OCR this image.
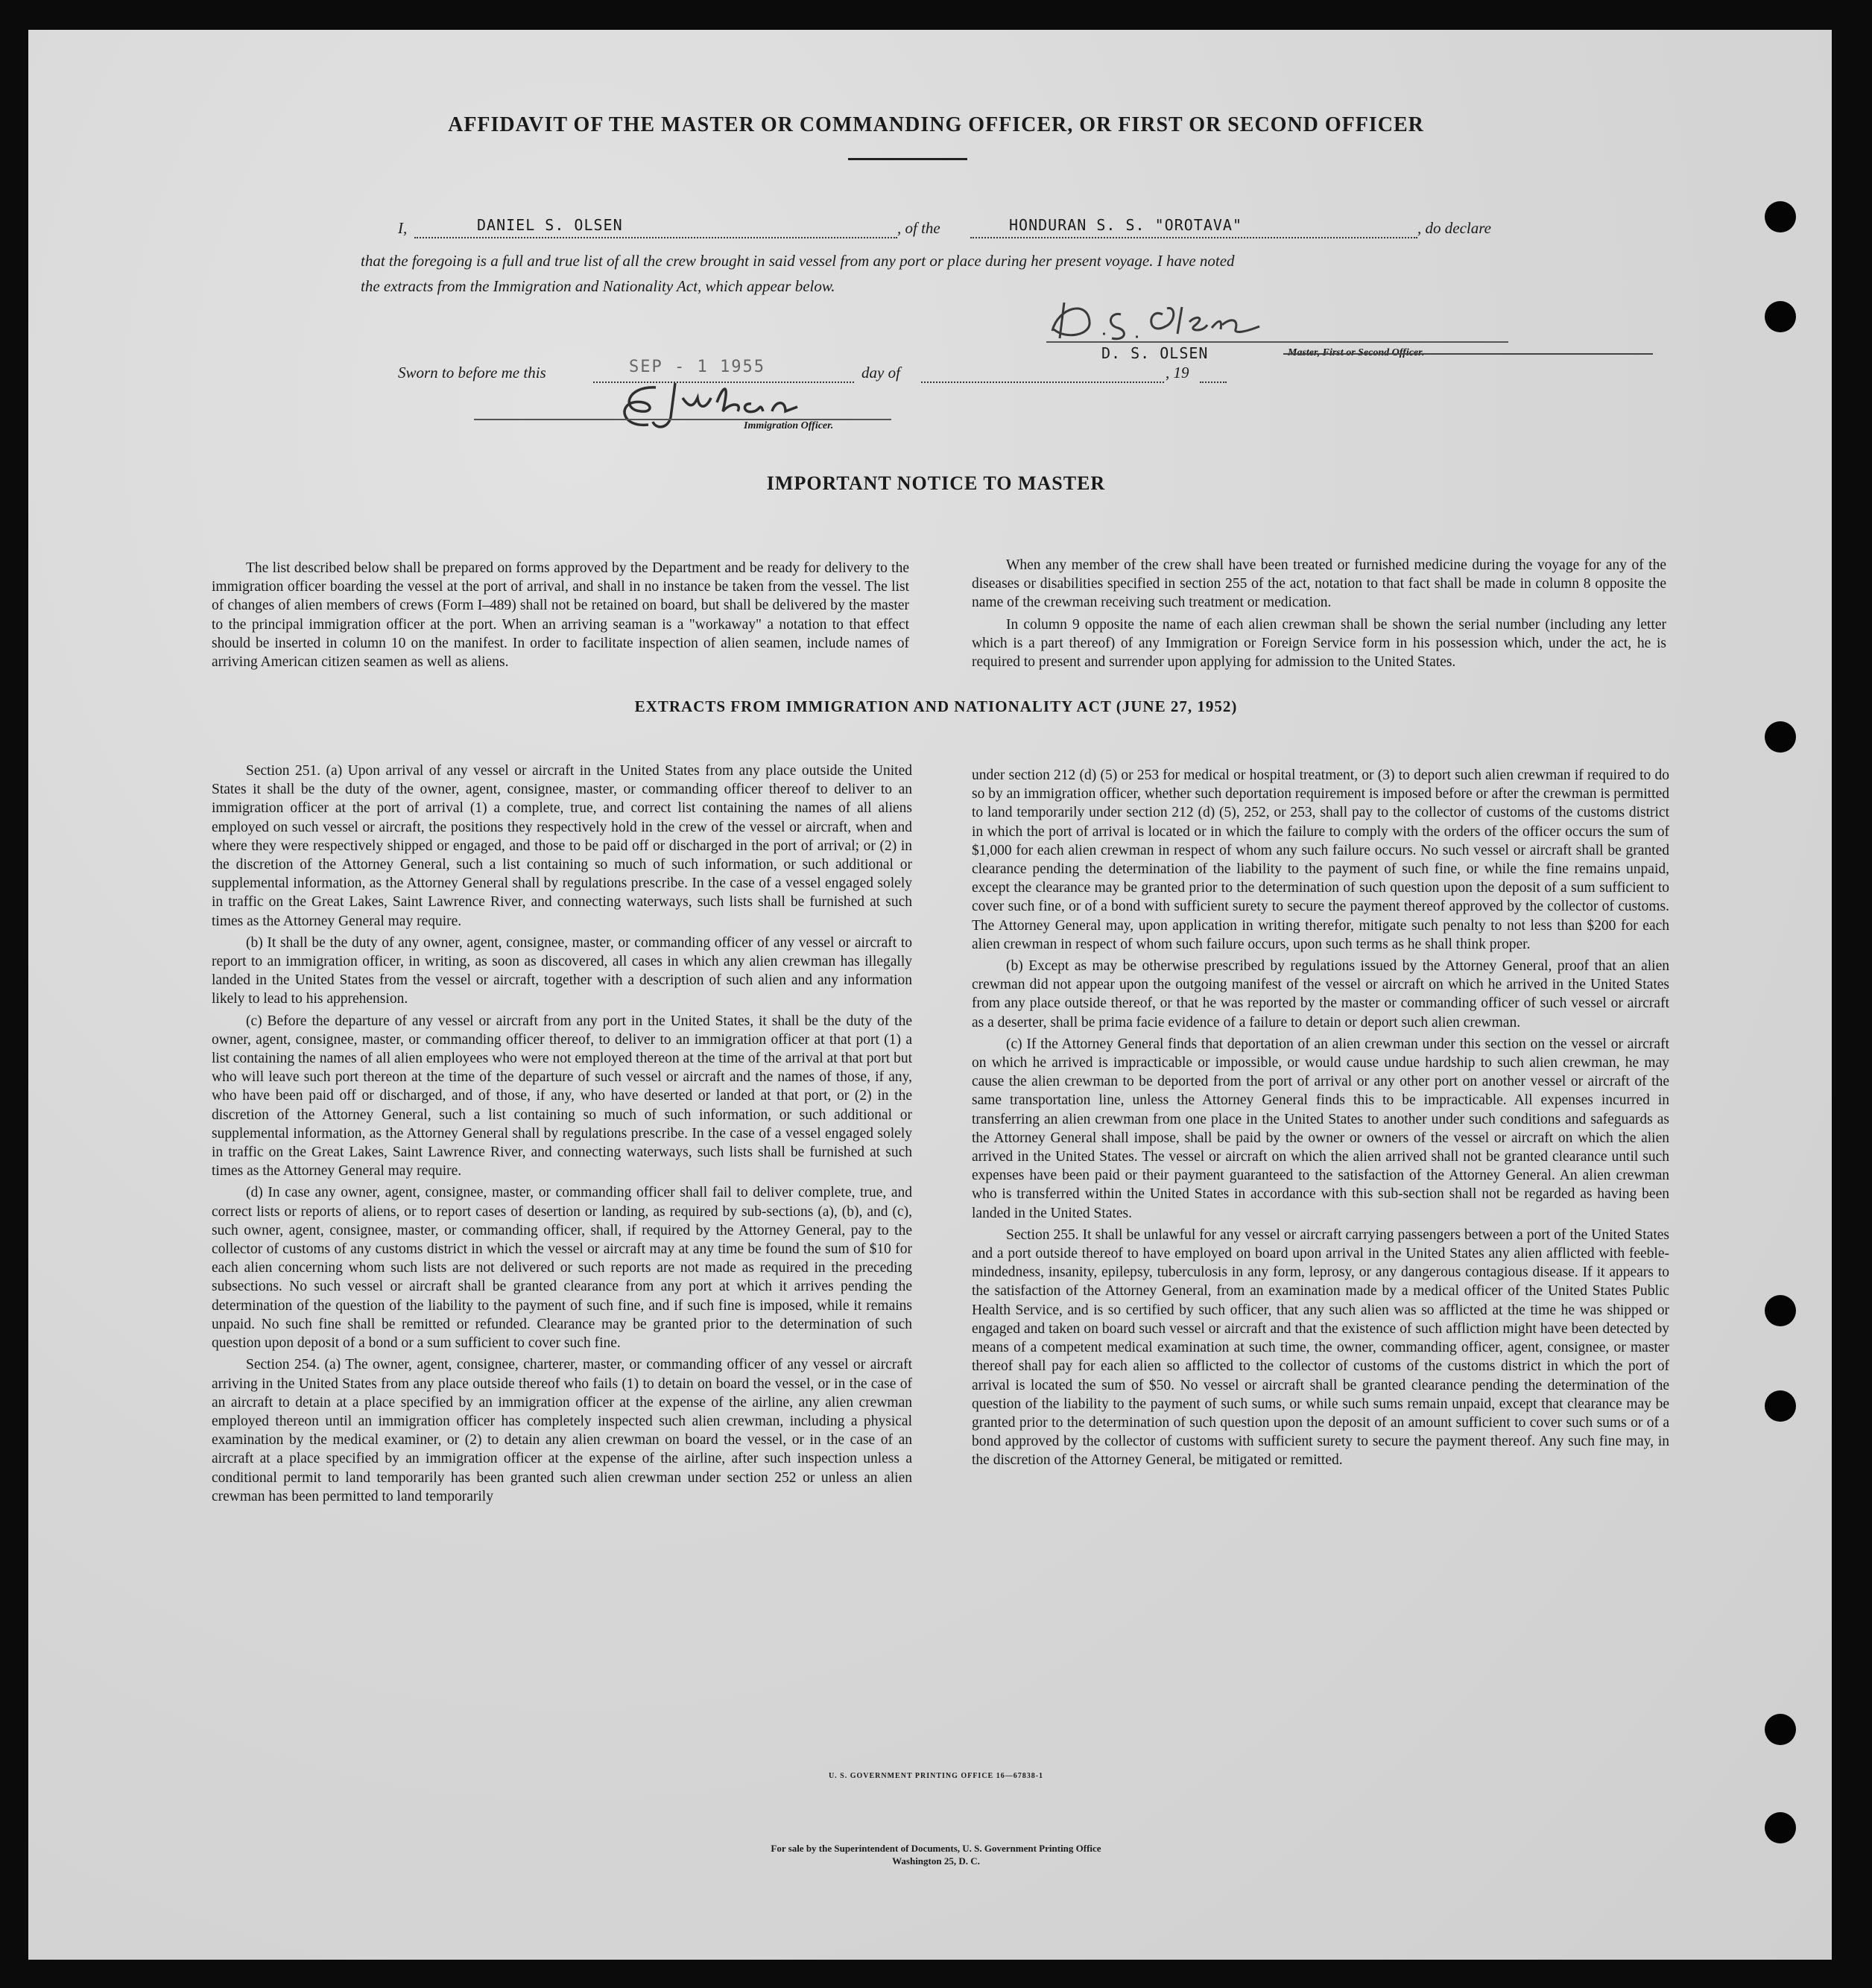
AFFIDAVIT OF THE MASTER OR COMMANDING OFFICER, OR FIRST OR SECOND OFFICER
I,	DANIEL S. OLSEN	, of the	HONDURAN S. S. "OROTAVA"	, do declare
that the foregoing is a full and true list of all the crew brought in said vessel from any port or place during her present voyage. I have noted
the extracts from the Immigration and Nationality Act, which appear below.
D. S. OLSEN	Master, First or Second Officer.
Sworn to before me this	SEP - 1 1955	day of	, 19
Immigration Officer.
IMPORTANT NOTICE TO MASTER

The list described below shall be prepared on forms approved by the Department and be ready for delivery to the immigration officer boarding the vessel at the port of arrival, and shall in no instance be taken from the vessel. The list of changes of alien members of crews (Form I–489) shall not be retained on board, but shall be delivered by the master to the principal immigration officer at the port. When an arriving seaman is a "workaway" a notation to that effect should be inserted in column 10 on the manifest. In order to facilitate inspection of alien seamen, include names of arriving American citizen seamen as well as aliens.

When any member of the crew shall have been treated or furnished medicine during the voyage for any of the diseases or disabilities specified in section 255 of the act, notation to that fact shall be made in column 8 opposite the name of the crewman receiving such treatment or medication.

In column 9 opposite the name of each alien crewman shall be shown the serial number (including any letter which is a part thereof) of any Immigration or Foreign Service form in his possession which, under the act, he is required to present and surrender upon applying for admission to the United States.

EXTRACTS FROM IMMIGRATION AND NATIONALITY ACT (JUNE 27, 1952)

Section 251. (a) Upon arrival of any vessel or aircraft in the United States from any place outside the United States it shall be the duty of the owner, agent, consignee, master, or commanding officer thereof to deliver to an immigration officer at the port of arrival (1) a complete, true, and correct list containing the names of all aliens employed on such vessel or aircraft, the positions they respectively hold in the crew of the vessel or aircraft, when and where they were respectively shipped or engaged, and those to be paid off or discharged in the port of arrival; or (2) in the discretion of the Attorney General, such a list containing so much of such information, or such additional or supplemental information, as the Attorney General shall by regulations prescribe. In the case of a vessel engaged solely in traffic on the Great Lakes, Saint Lawrence River, and connecting waterways, such lists shall be furnished at such times as the Attorney General may require.

(b) It shall be the duty of any owner, agent, consignee, master, or commanding officer of any vessel or aircraft to report to an immigration officer, in writing, as soon as discovered, all cases in which any alien crewman has illegally landed in the United States from the vessel or aircraft, together with a description of such alien and any information likely to lead to his apprehension.

(c) Before the departure of any vessel or aircraft from any port in the United States, it shall be the duty of the owner, agent, consignee, master, or commanding officer thereof, to deliver to an immigration officer at that port (1) a list containing the names of all alien employees who were not employed thereon at the time of the arrival at that port but who will leave such port thereon at the time of the departure of such vessel or aircraft and the names of those, if any, who have been paid off or discharged, and of those, if any, who have deserted or landed at that port, or (2) in the discretion of the Attorney General, such a list containing so much of such information, or such additional or supplemental information, as the Attorney General shall by regulations prescribe. In the case of a vessel engaged solely in traffic on the Great Lakes, Saint Lawrence River, and connecting waterways, such lists shall be furnished at such times as the Attorney General may require.

(d) In case any owner, agent, consignee, master, or commanding officer shall fail to deliver complete, true, and correct lists or reports of aliens, or to report cases of desertion or landing, as required by sub-sections (a), (b), and (c), such owner, agent, consignee, master, or commanding officer, shall, if required by the Attorney General, pay to the collector of customs of any customs district in which the vessel or aircraft may at any time be found the sum of $10 for each alien concerning whom such lists are not delivered or such reports are not made as required in the preceding subsections. No such vessel or aircraft shall be granted clearance from any port at which it arrives pending the determination of the question of the liability to the payment of such fine, and if such fine is imposed, while it remains unpaid. No such fine shall be remitted or refunded. Clearance may be granted prior to the determination of such question upon deposit of a bond or a sum sufficient to cover such fine.

Section 254. (a) The owner, agent, consignee, charterer, master, or commanding officer of any vessel or aircraft arriving in the United States from any place outside thereof who fails (1) to detain on board the vessel, or in the case of an aircraft to detain at a place specified by an immigration officer at the expense of the airline, any alien crewman employed thereon until an immigration officer has completely inspected such alien crewman, including a physical examination by the medical examiner, or (2) to detain any alien crewman on board the vessel, or in the case of an aircraft at a place specified by an immigration officer at the expense of the airline, after such inspection unless a conditional permit to land temporarily has been granted such alien crewman under section 252 or unless an alien crewman has been permitted to land temporarily

under section 212 (d) (5) or 253 for medical or hospital treatment, or (3) to deport such alien crewman if required to do so by an immigration officer, whether such deportation requirement is imposed before or after the crewman is permitted to land temporarily under section 212 (d) (5), 252, or 253, shall pay to the collector of customs of the customs district in which the port of arrival is located or in which the failure to comply with the orders of the officer occurs the sum of $1,000 for each alien crewman in respect of whom any such failure occurs. No such vessel or aircraft shall be granted clearance pending the determination of the liability to the payment of such fine, or while the fine remains unpaid, except the clearance may be granted prior to the determination of such question upon the deposit of a sum sufficient to cover such fine, or of a bond with sufficient surety to secure the payment thereof approved by the collector of customs. The Attorney General may, upon application in writing therefor, mitigate such penalty to not less than $200 for each alien crewman in respect of whom such failure occurs, upon such terms as he shall think proper.

(b) Except as may be otherwise prescribed by regulations issued by the Attorney General, proof that an alien crewman did not appear upon the outgoing manifest of the vessel or aircraft on which he arrived in the United States from any place outside thereof, or that he was reported by the master or commanding officer of such vessel or aircraft as a deserter, shall be prima facie evidence of a failure to detain or deport such alien crewman.

(c) If the Attorney General finds that deportation of an alien crewman under this section on the vessel or aircraft on which he arrived is impracticable or impossible, or would cause undue hardship to such alien crewman, he may cause the alien crewman to be deported from the port of arrival or any other port on another vessel or aircraft of the same transportation line, unless the Attorney General finds this to be impracticable. All expenses incurred in transferring an alien crewman from one place in the United States to another under such conditions and safeguards as the Attorney General shall impose, shall be paid by the owner or owners of the vessel or aircraft on which the alien arrived in the United States. The vessel or aircraft on which the alien arrived shall not be granted clearance until such expenses have been paid or their payment guaranteed to the satisfaction of the Attorney General. An alien crewman who is transferred within the United States in accordance with this sub-section shall not be regarded as having been landed in the United States.

Section 255. It shall be unlawful for any vessel or aircraft carrying passengers between a port of the United States and a port outside thereof to have employed on board upon arrival in the United States any alien afflicted with feeble-mindedness, insanity, epilepsy, tuberculosis in any form, leprosy, or any dangerous contagious disease. If it appears to the satisfaction of the Attorney General, from an examination made by a medical officer of the United States Public Health Service, and is so certified by such officer, that any such alien was so afflicted at the time he was shipped or engaged and taken on board such vessel or aircraft and that the existence of such affliction might have been detected by means of a competent medical examination at such time, the owner, commanding officer, agent, consignee, or master thereof shall pay for each alien so afflicted to the collector of customs of the customs district in which the port of arrival is located the sum of $50. No vessel or aircraft shall be granted clearance pending the determination of the question of the liability to the payment of such sums, or while such sums remain unpaid, except that clearance may be granted prior to the determination of such question upon the deposit of an amount sufficient to cover such sums or of a bond approved by the collector of customs with sufficient surety to secure the payment thereof. Any such fine may, in the discretion of the Attorney General, be mitigated or remitted.

U. S. GOVERNMENT PRINTING OFFICE 16—67838-1
For sale by the Superintendent of Documents, U. S. Government Printing Office
Washington 25, D. C.
